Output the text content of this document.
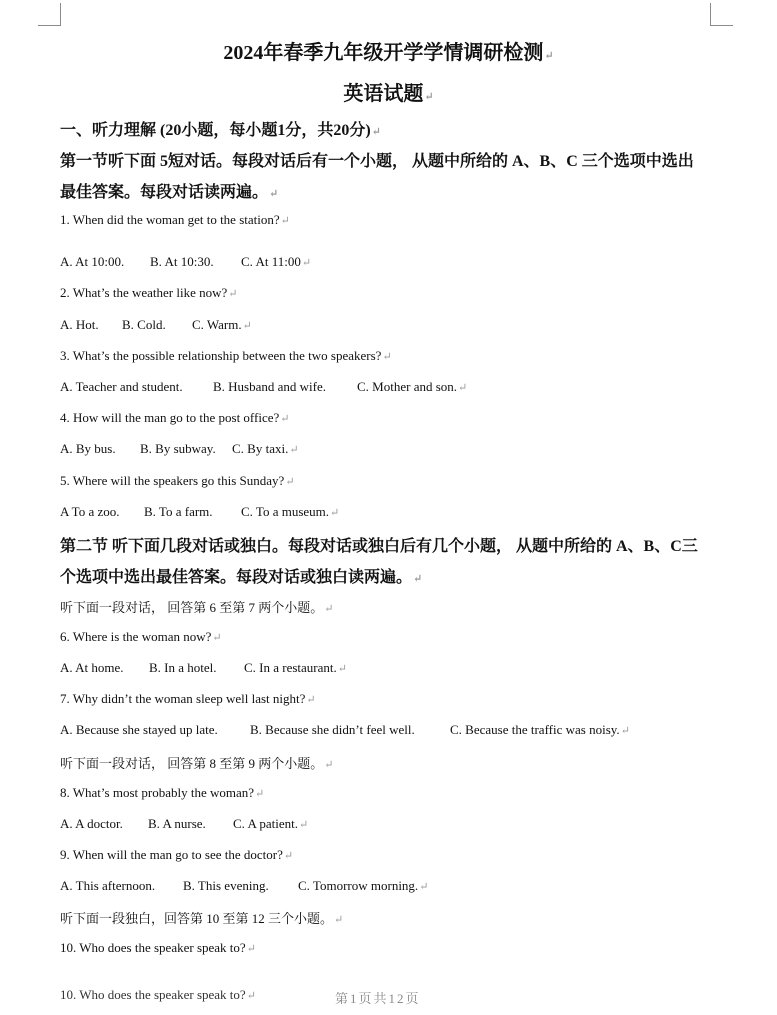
2024年春季九年级开学学情调研检测↵
英语试题↵
一、听力理解 (20小题，每小题1分，共20分)↵
第一节听下面 5短对话。每段对话后有一个小题， 从题中所给的 A、B、C 三个选项中选出
最佳答案。每段对话读两遍。↵
1. When did the woman get to the station?↵
A. At 10:00. B. At 10:30. C. At 11:00↵
2. What’s the weather like now?↵
A. Hot. B. Cold. C. Warm.↵
3. What’s the possible relationship between the two speakers?↵
A. Teacher and student. B. Husband and wife. C. Mother and son.↵
4. How will the man go to the post office?↵
A. By bus. B. By subway. C. By taxi.↵
5. Where will the speakers go this Sunday?↵
A To a zoo. B. To a farm. C. To a museum.↵
第二节 听下面几段对话或独白。每段对话或独白后有几个小题， 从题中所给的 A、B、C三
个选项中选出最佳答案。每段对话或独白读两遍。↵
听下面一段对话， 回答第 6 至第 7 两个小题。↵
6. Where is the woman now?↵
A. At home. B. In a hotel. C. In a restaurant.↵
7. Why didn’t the woman sleep well last night?↵
A. Because she stayed up late. B. Because she didn’t feel well.	C. Because the traffic was noisy.↵
听下面一段对话， 回答第 8 至第 9 两个小题。↵
8. What’s most probably the woman?↵
A. A doctor. B. A nurse. C. A patient.↵
9. When will the man go to see the doctor?↵
A. This afternoon. B. This evening. C. Tomorrow morning.↵
听下面一段独白，回答第 10 至第 12 三个小题。↵
10. Who does the speaker speak to?↵
10. Who does the speaker speak to?↵	第1页共12页
